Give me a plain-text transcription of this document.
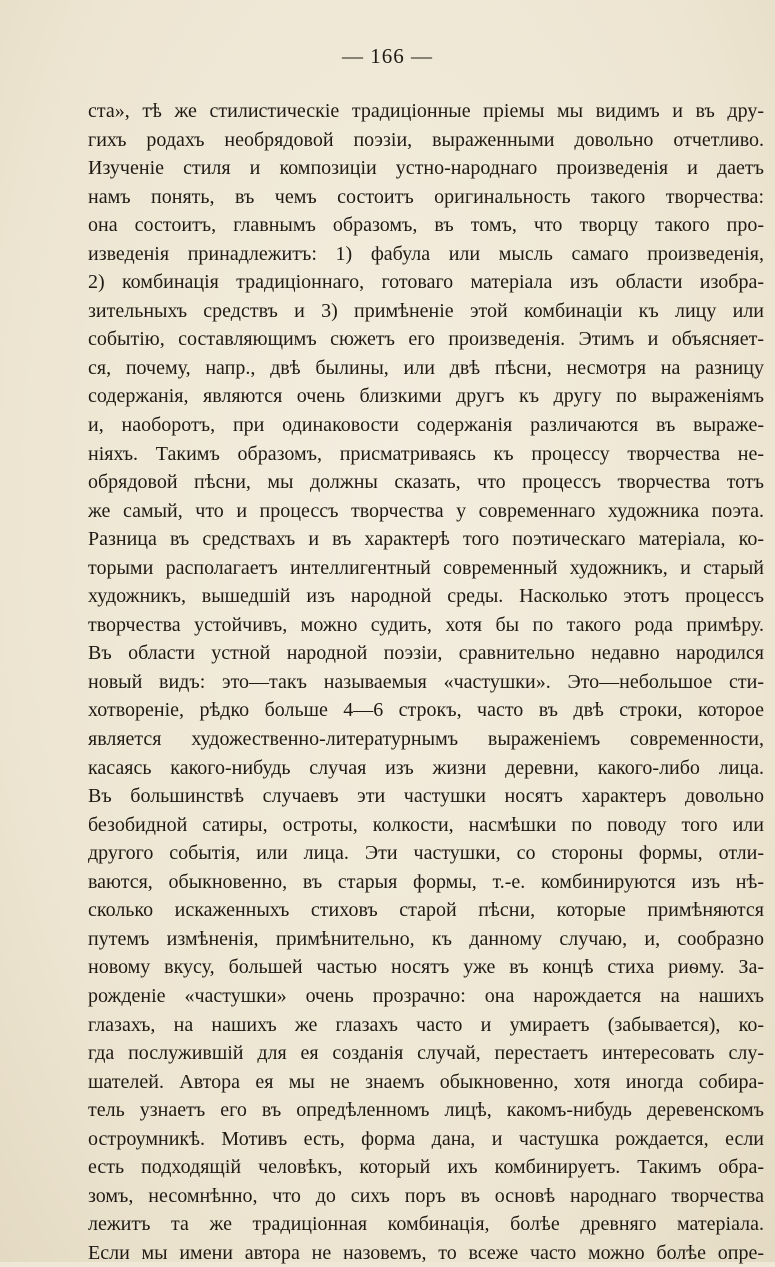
— 166 —
ста», тѣ же стилистическіе традиціонные пріемы мы видимъ и въ дру-
гихъ родахъ необрядовой поэзіи, выраженными довольно отчетливо.
Изученіе стиля и композиціи устно-народнаго произведенія и даетъ
намъ понять, въ чемъ состоитъ оригинальность такого творчества:
она состоитъ, главнымъ образомъ, въ томъ, что творцу такого про-
изведенія принадлежитъ: 1) фабула или мысль самаго произведенія,
2) комбинація традиціоннаго, готоваго матеріала изъ области изобра-
зительныхъ средствъ и 3) примѣненіе этой комбинаціи къ лицу или
событію, составляющимъ сюжетъ его произведенія. Этимъ и объясняет-
ся, почему, напр., двѣ былины, или двѣ пѣсни, несмотря на разницу
содержанія, являются очень близкими другъ къ другу по выраженіямъ
и, наоборотъ, при одинаковости содержанія различаются въ выраже-
ніяхъ. Такимъ образомъ, присматриваясь къ процессу творчества не-
обрядовой пѣсни, мы должны сказать, что процессъ творчества тотъ
же самый, что и процессъ творчества у современнаго художника поэта.
Разница въ средствахъ и въ характерѣ того поэтическаго матеріала, ко-
торыми располагаетъ интеллигентный современный художникъ, и старый
художникъ, вышедшій изъ народной среды. Насколько этотъ процессъ
творчества устойчивъ, можно судить, хотя бы по такого рода примѣру.
Въ области устной народной поэзіи, сравнительно недавно народился
новый видъ: это—такъ называемыя «частушки». Это—небольшое сти-
хотвореніе, рѣдко больше 4—6 строкъ, часто въ двѣ строки, которое
является художественно-литературнымъ выраженіемъ современности,
касаясь какого-нибудь случая изъ жизни деревни, какого-либо лица.
Въ большинствѣ случаевъ эти частушки носятъ характеръ довольно
безобидной сатиры, остроты, колкости, насмѣшки по поводу того или
другого событія, или лица. Эти частушки, со стороны формы, отли-
ваются, обыкновенно, въ старыя формы, т.-е. комбинируются изъ нѣ-
сколько искаженныхъ стиховъ старой пѣсни, которые примѣняются
путемъ измѣненія, примѣнительно, къ данному случаю, и, сообразно
новому вкусу, большей частью носятъ уже въ концѣ стиха риѳму. За-
рожденіе «частушки» очень прозрачно: она нарождается на нашихъ
глазахъ, на нашихъ же глазахъ часто и умираетъ (забывается), ко-
гда послужившій для ея созданія случай, перестаетъ интересовать слу-
шателей. Автора ея мы не знаемъ обыкновенно, хотя иногда собира-
тель узнаетъ его въ опредѣленномъ лицѣ, какомъ-нибудь деревенскомъ
остроумникѣ. Мотивъ есть, форма дана, и частушка рождается, если
есть подходящій человѣкъ, который ихъ комбинируетъ. Такимъ обра-
зомъ, несомнѣнно, что до сихъ поръ въ основѣ народнаго творчества
лежитъ та же традиціонная комбинація, болѣе древняго матеріала.
Если мы имени автора не назовемъ, то всеже часто можно болѣе опре-
